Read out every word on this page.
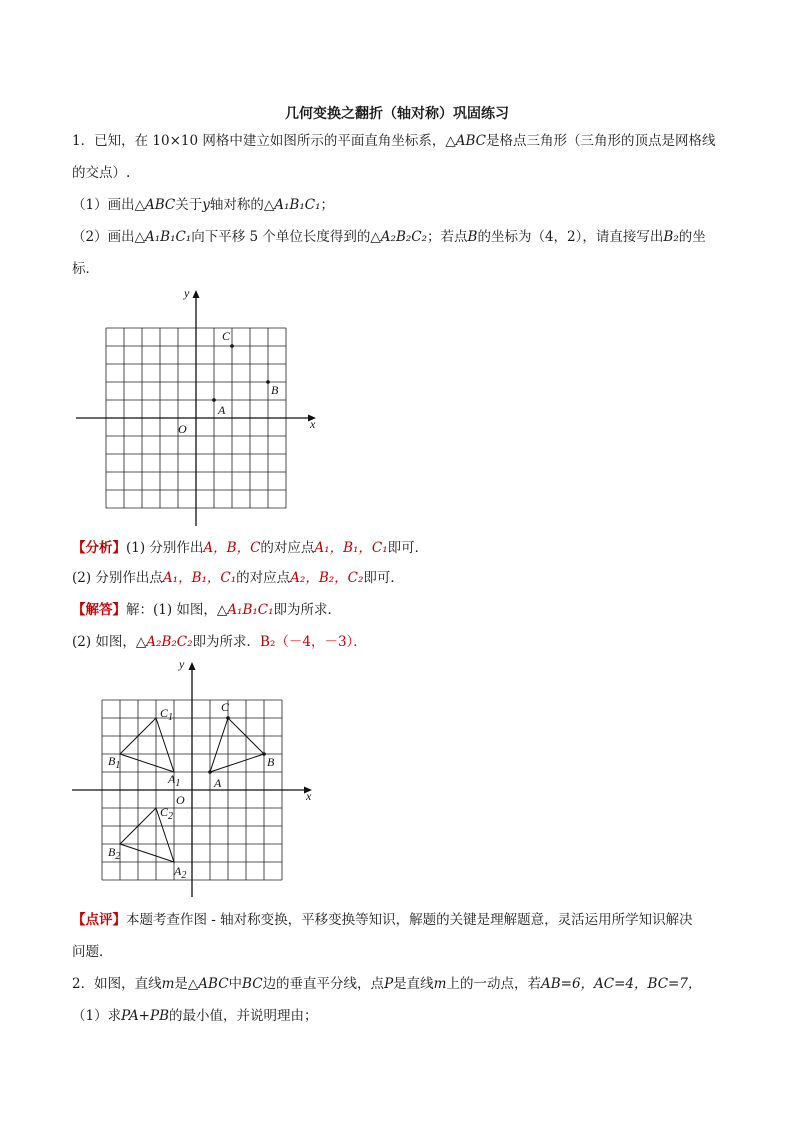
几何变换之翻折（轴对称）巩固练习
1．已知，在 10×10 网格中建立如图所示的平面直角坐标系，△ABC是格点三角形（三角形的顶点是网格线
的交点）.
（1）画出△ABC关于y轴对称的△A₁B₁C₁；
（2）画出△A₁B₁C₁向下平移 5 个单位长度得到的△A₂B₂C₂；若点B的坐标为（4，2），请直接写出B₂的坐
标．
y
x
O
A
B
C
【分析】(1) 分别作出A，B，C的对应点A₁，B₁，C₁即可．
(2) 分别作出点A₁，B₁，C₁的对应点A₂，B₂，C₂即可．
【解答】解：(1) 如图，△A₁B₁C₁即为所求．
(2) 如图，△A₂B₂C₂即为所求．B₂（－4，－3）．
y
x
O
A
B
C
$A_1$
$B_1$
$C_1$
$A_2$
$B_2$
$C_2$
【点评】本题考查作图 - 轴对称变换，平移变换等知识，解题的关键是理解题意，灵活运用所学知识解决
问题．
2．如图，直线m是△ABC中BC边的垂直平分线，点P是直线m上的一动点，若AB=6，AC=4，BC=7，
（1）求PA+PB的最小值，并说明理由；
